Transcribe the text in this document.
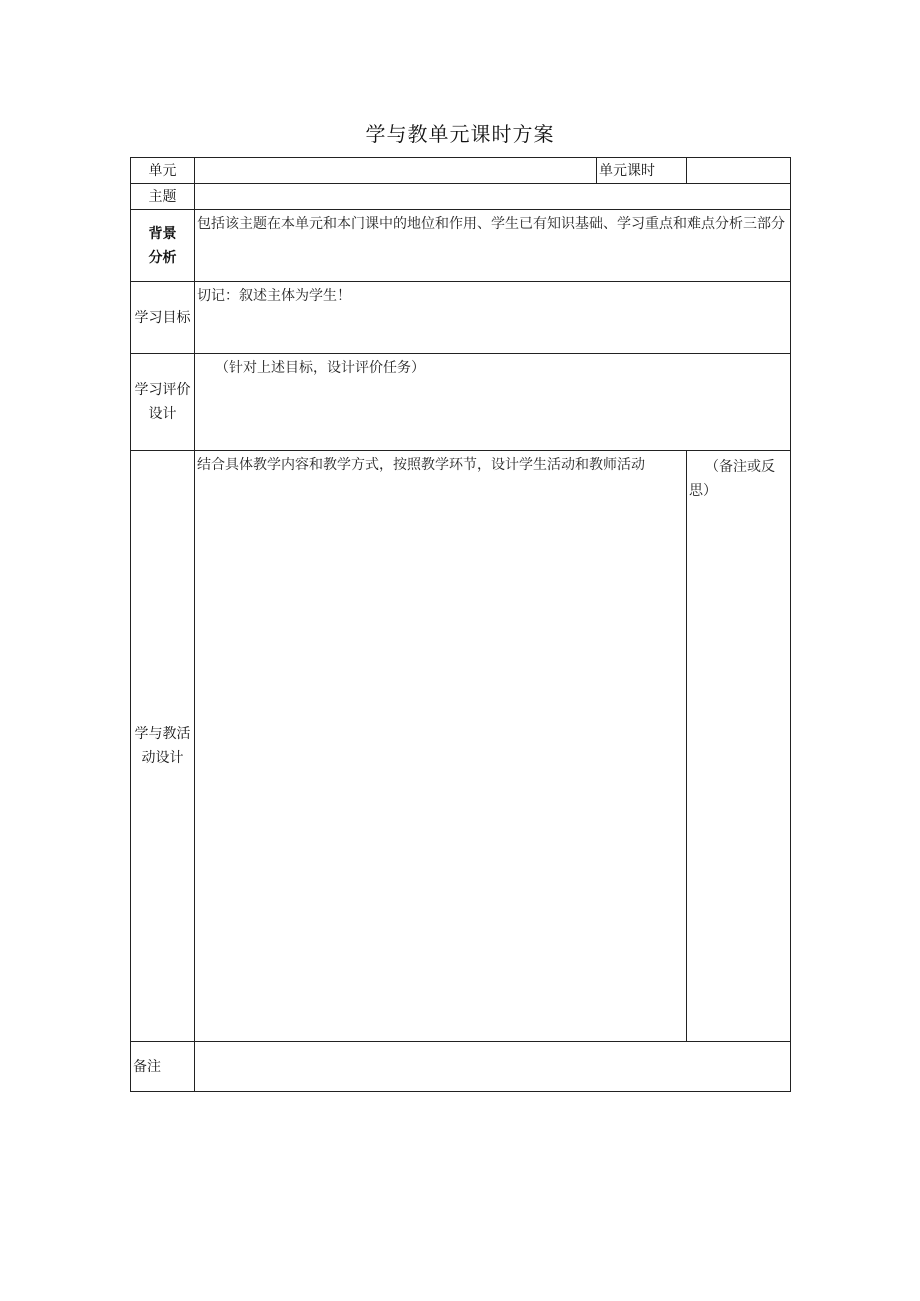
学与教单元课时方案
单元		单元课时	
主题			

背景分析	包括该主题在本单元和本门课中的地位和作用、学生已有知识基础、学习重点和难点分析三部分		

学习目标	切记：叙述主体为学生！		

学习评价设计	（针对上述目标，设计评价任务）		

学与教活动设计	结合具体教学内容和教学方式，按照教学环节，设计学生活动和教师活动		（备注或反思）
备注			
